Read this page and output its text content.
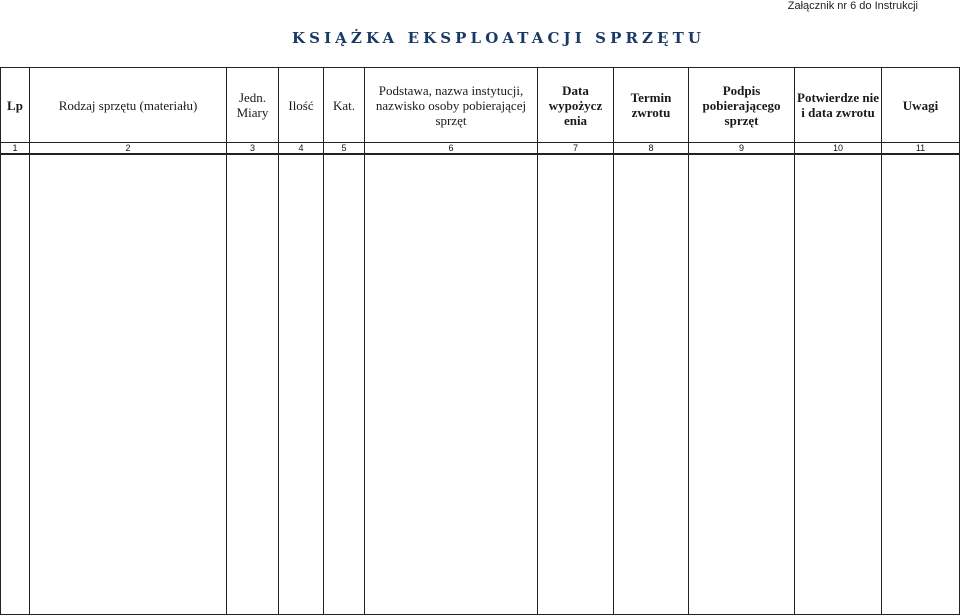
Załącznik nr 6 do Instrukcji
KSIĄŻKA EKSPLOATACJI SPRZĘTU
Lp	Rodzaj sprzętu (materiału)	Jedn. Miary	Ilość	Kat.	Podstawa, nazwa instytucji, nazwisko osoby pobierającej sprzęt	Data wypożycz enia	Termin zwrotu	Podpis pobierającego sprzęt	Potwierdze nie i data zwrotu	Uwagi
1	2	3	4	5	6	7	8	9	10	11
